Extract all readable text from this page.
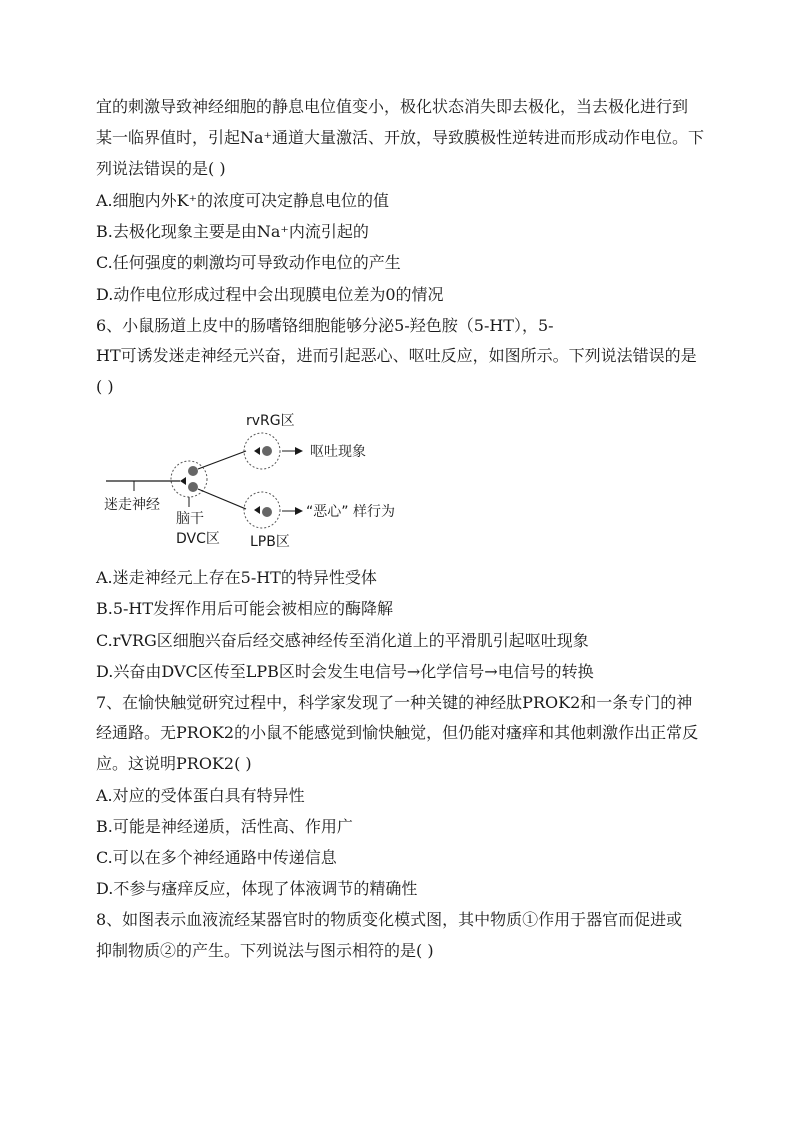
宜的刺激导致神经细胞的静息电位值变小，极化状态消失即去极化，当去极化进行到
某一临界值时，引起Na⁺通道大量激活、开放，导致膜极性逆转进而形成动作电位。下
列说法错误的是( )
A.细胞内外K⁺的浓度可决定静息电位的值
B.去极化现象主要是由Na⁺内流引起的
C.任何强度的刺激均可导致动作电位的产生
D.动作电位形成过程中会出现膜电位差为0的情况
6、小鼠肠道上皮中的肠嗜铬细胞能够分泌5-羟色胺（5-HT），5-
HT可诱发迷走神经元兴奋，进而引起恶心、呕吐反应，如图所示。下列说法错误的是
( )
rvRG区
呕吐现象
“恶心” 样行为
迷走神经
脑干
DVC区 LPB区
A.迷走神经元上存在5-HT的特异性受体
B.5-HT发挥作用后可能会被相应的酶降解
C.rVRG区细胞兴奋后经交感神经传至消化道上的平滑肌引起呕吐现象
D.兴奋由DVC区传至LPB区时会发生电信号→化学信号→电信号的转换
7、在愉快触觉研究过程中，科学家发现了一种关键的神经肽PROK2和一条专门的神
经通路。无PROK2的小鼠不能感觉到愉快触觉，但仍能对瘙痒和其他刺激作出正常反
应。这说明PROK2( )
A.对应的受体蛋白具有特异性
B.可能是神经递质，活性高、作用广
C.可以在多个神经通路中传递信息
D.不参与瘙痒反应，体现了体液调节的精确性
8、如图表示血液流经某器官时的物质变化模式图，其中物质①作用于器官而促进或
抑制物质②的产生。下列说法与图示相符的是( )
